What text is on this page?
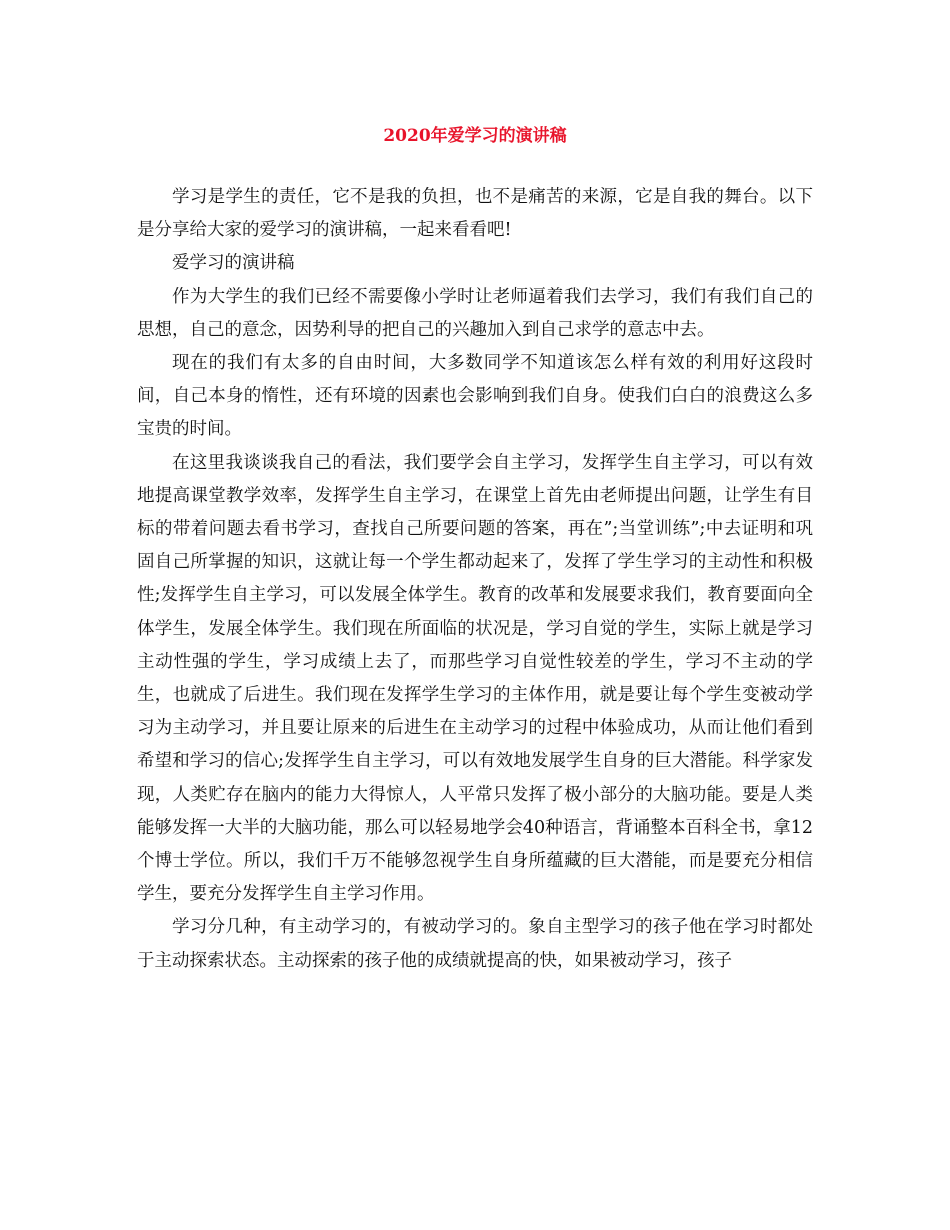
2020年爱学习的演讲稿

学习是学生的责任，它不是我的负担，也不是痛苦的来源，它是自我的舞台。以下是分享给大家的爱学习的演讲稿，一起来看看吧!

爱学习的演讲稿

作为大学生的我们已经不需要像小学时让老师逼着我们去学习，我们有我们自己的思想，自己的意念，因势利导的把自己的兴趣加入到自己求学的意志中去。

现在的我们有太多的自由时间，大多数同学不知道该怎么样有效的利用好这段时间，自己本身的惰性，还有环境的因素也会影响到我们自身。使我们白白的浪费这么多宝贵的时间。

在这里我谈谈我自己的看法，我们要学会自主学习，发挥学生自主学习，可以有效地提高课堂教学效率，发挥学生自主学习，在课堂上首先由老师提出问题，让学生有目标的带着问题去看书学习，查找自己所要问题的答案，再在”;当堂训练”;中去证明和巩固自己所掌握的知识，这就让每一个学生都动起来了，发挥了学生学习的主动性和积极性;发挥学生自主学习，可以发展全体学生。教育的改革和发展要求我们，教育要面向全体学生，发展全体学生。我们现在所面临的状况是，学习自觉的学生，实际上就是学习主动性强的学生，学习成绩上去了，而那些学习自觉性较差的学生，学习不主动的学生，也就成了后进生。我们现在发挥学生学习的主体作用，就是要让每个学生变被动学习为主动学习，并且要让原来的后进生在主动学习的过程中体验成功，从而让他们看到希望和学习的信心;发挥学生自主学习，可以有效地发展学生自身的巨大潜能。科学家发现，人类贮存在脑内的能力大得惊人，人平常只发挥了极小部分的大脑功能。要是人类能够发挥一大半的大脑功能，那么可以轻易地学会40种语言，背诵整本百科全书，拿12个博士学位。所以，我们千万不能够忽视学生自身所蕴藏的巨大潜能，而是要充分相信学生，要充分发挥学生自主学习作用。

学习分几种，有主动学习的，有被动学习的。象自主型学习的孩子他在学习时都处于主动探索状态。主动探索的孩子他的成绩就提高的快，如果被动学习，孩子
